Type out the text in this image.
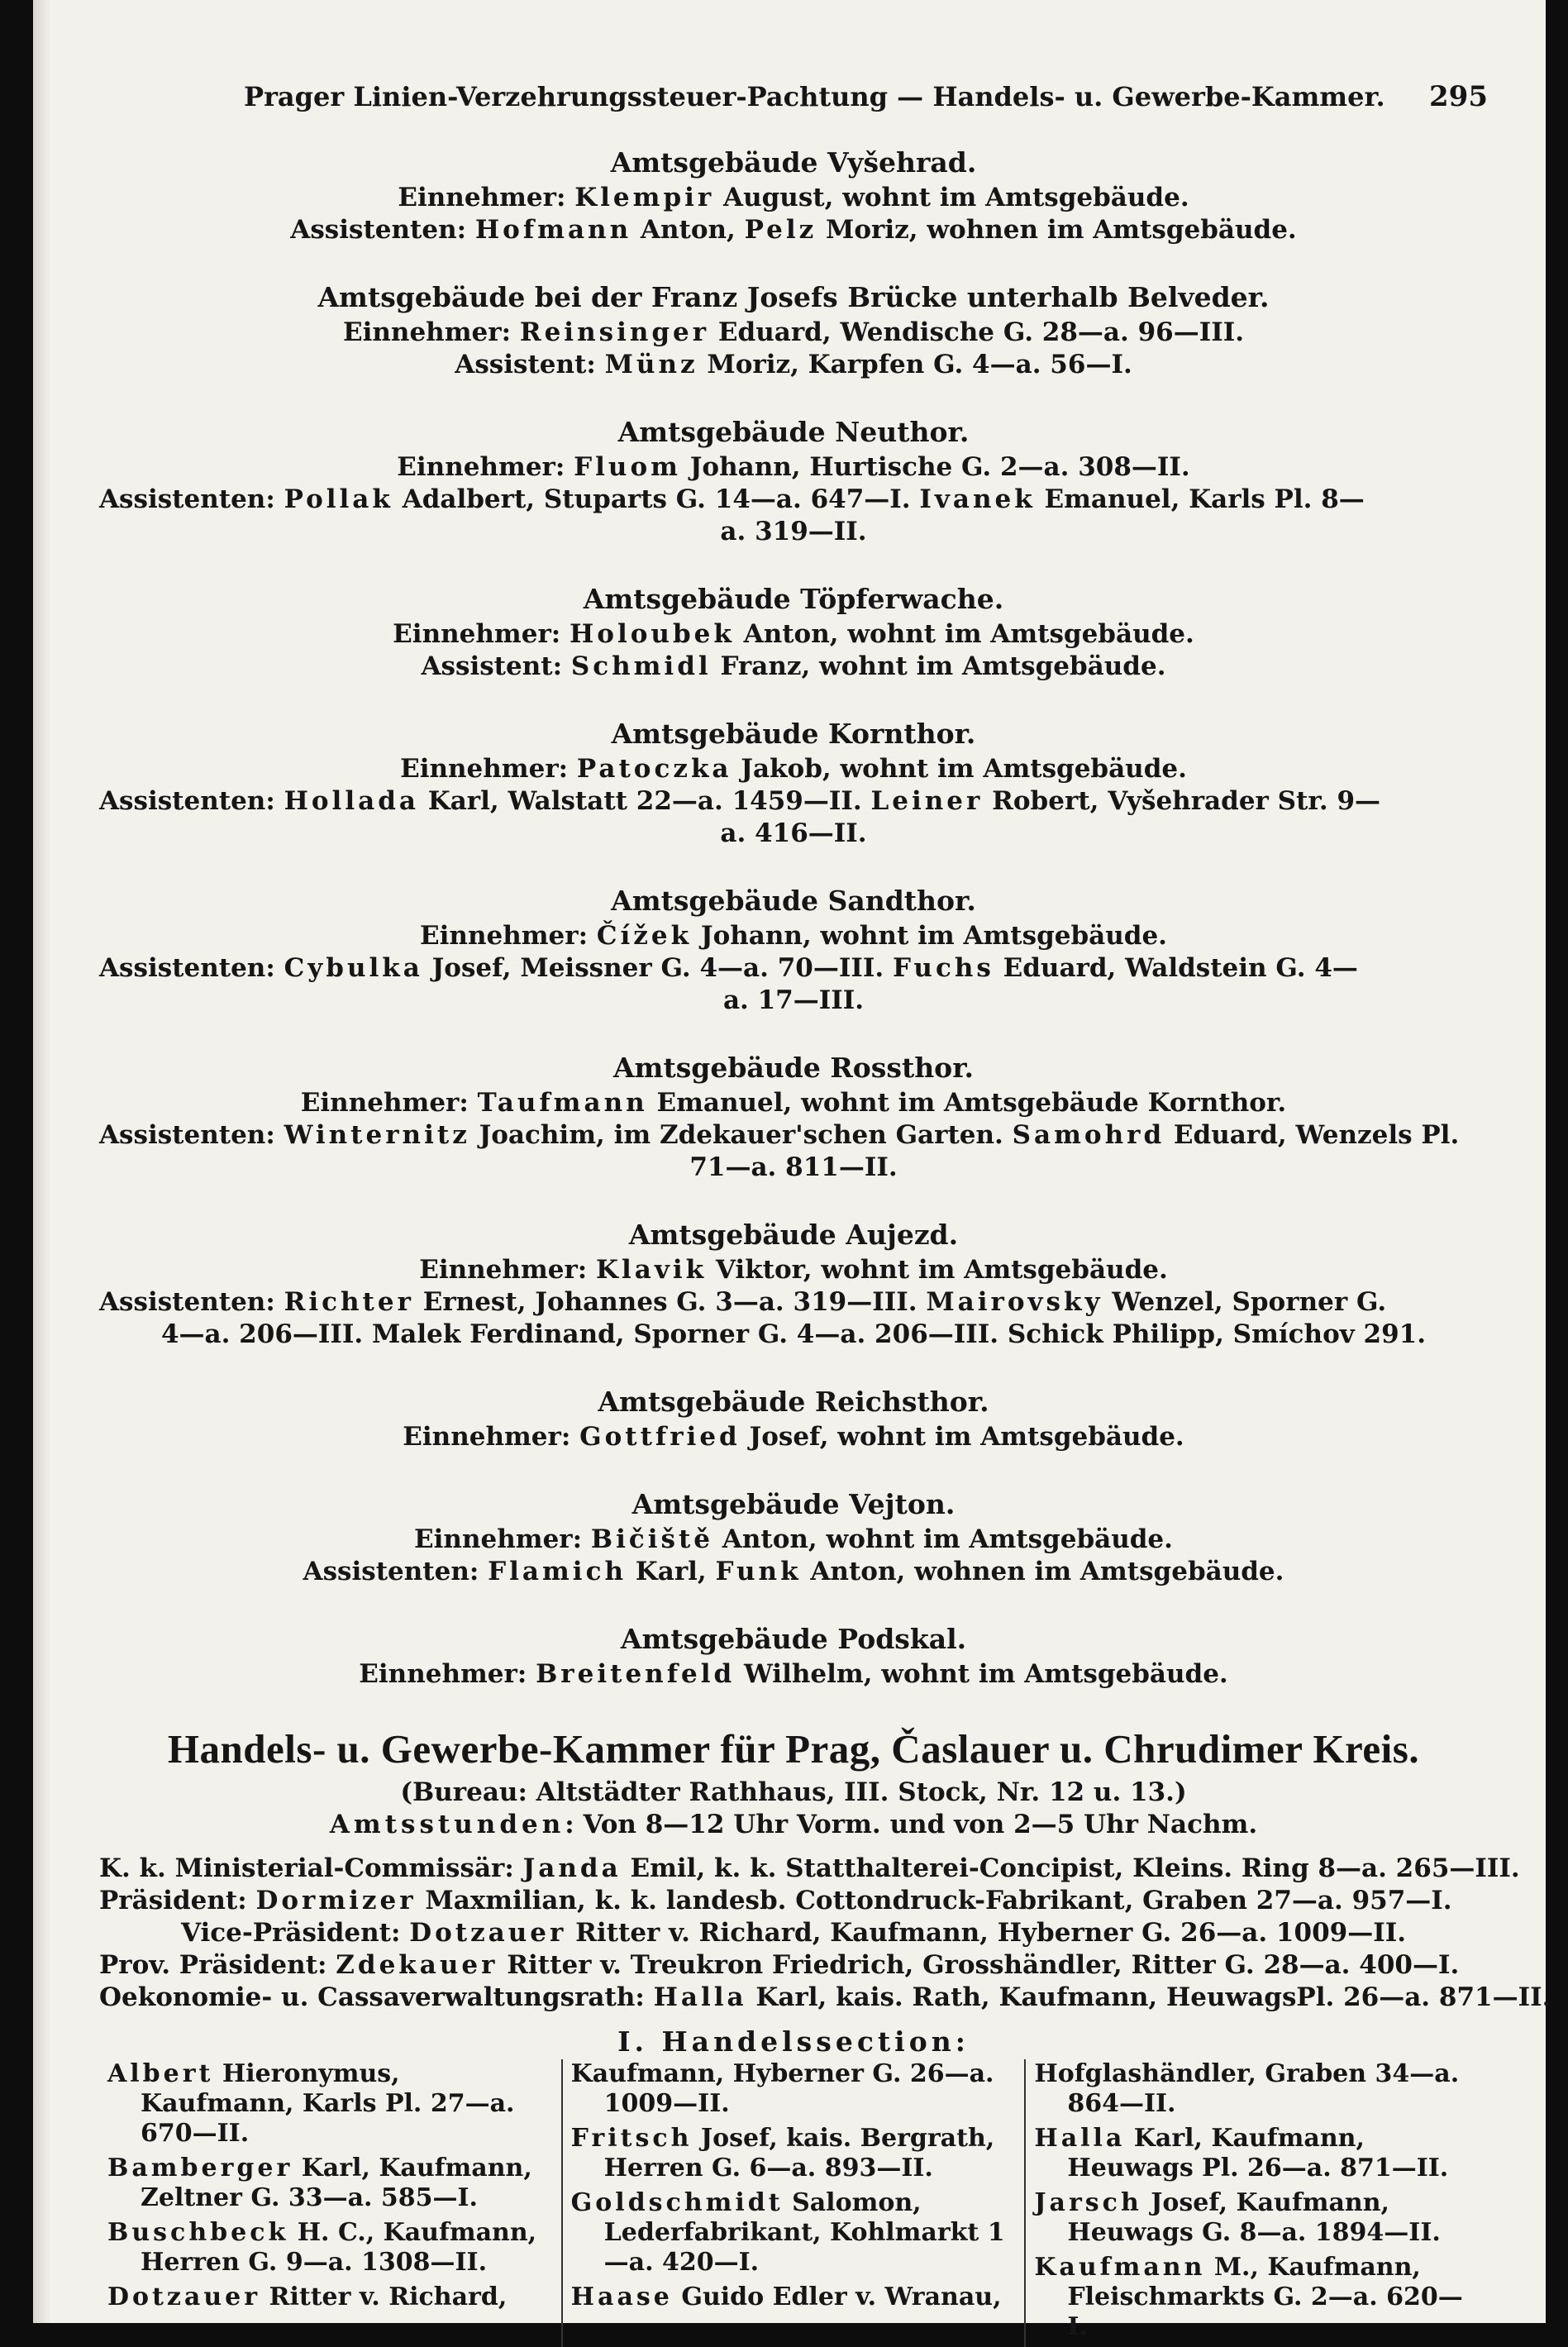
Prager Linien-Verzehrungssteuer-Pachtung — Handels- u. Gewerbe-Kammer. 295
Amtsgebäude Vyšehrad.
Einnehmer: Klempir August, wohnt im Amtsgebäude.
Assistenten: Hofmann Anton, Pelz Moriz, wohnen im Amtsgebäude.
Amtsgebäude bei der Franz Josefs Brücke unterhalb Belveder.
Einnehmer: Reinsinger Eduard, Wendische G. 28—a. 96—III.
Assistent: Münz Moriz, Karpfen G. 4—a. 56—I.
Amtsgebäude Neuthor.
Einnehmer: Fluom Johann, Hurtische G. 2—a. 308—II.
Assistenten: Pollak Adalbert, Stuparts G. 14—a. 647—I. Ivanek Emanuel, Karls Pl. 8—
a. 319—II.
Amtsgebäude Töpferwache.
Einnehmer: Holoubek Anton, wohnt im Amtsgebäude.
Assistent: Schmidl Franz, wohnt im Amtsgebäude.
Amtsgebäude Kornthor.
Einnehmer: Patoczka Jakob, wohnt im Amtsgebäude.
Assistenten: Hollada Karl, Walstatt 22—a. 1459—II. Leiner Robert, Vyšehrader Str. 9—
a. 416—II.
Amtsgebäude Sandthor.
Einnehmer: Čížek Johann, wohnt im Amtsgebäude.
Assistenten: Cybulka Josef, Meissner G. 4—a. 70—III. Fuchs Eduard, Waldstein G. 4—
a. 17—III.
Amtsgebäude Rossthor.
Einnehmer: Taufmann Emanuel, wohnt im Amtsgebäude Kornthor.
Assistenten: Winternitz Joachim, im Zdekauer'schen Garten. Samohrd Eduard, Wenzels Pl.
71—a. 811—II.
Amtsgebäude Aujezd.
Einnehmer: Klavik Viktor, wohnt im Amtsgebäude.
Assistenten: Richter Ernest, Johannes G. 3—a. 319—III. Mairovsky Wenzel, Sporner G.
4—a. 206—III. Malek Ferdinand, Sporner G. 4—a. 206—III. Schick Philipp, Smíchov 291.
Amtsgebäude Reichsthor.
Einnehmer: Gottfried Josef, wohnt im Amtsgebäude.
Amtsgebäude Vejton.
Einnehmer: Bičiště Anton, wohnt im Amtsgebäude.
Assistenten: Flamich Karl, Funk Anton, wohnen im Amtsgebäude.
Amtsgebäude Podskal.
Einnehmer: Breitenfeld Wilhelm, wohnt im Amtsgebäude.
Handels- u. Gewerbe-Kammer für Prag, Časlauer u. Chrudimer Kreis.
(Bureau: Altstädter Rathhaus, III. Stock, Nr. 12 u. 13.)
Amtsstunden: Von 8—12 Uhr Vorm. und von 2—5 Uhr Nachm.
K. k. Ministerial-Commissär: Janda Emil, k. k. Statthalterei-Concipist, Kleins. Ring 8—a. 265—III.
Präsident: Dormizer Maxmilian, k. k. landesb. Cottondruck-Fabrikant, Graben 27—a. 957—I.
Vice-Präsident: Dotzauer Ritter v. Richard, Kaufmann, Hyberner G. 26—a. 1009—II.
Prov. Präsident: Zdekauer Ritter v. Treukron Friedrich, Grosshändler, Ritter G. 28—a. 400—I.
Oekonomie- u. Cassaverwaltungsrath: Halla Karl, kais. Rath, Kaufmann, HeuwagsPl. 26—a. 871—II.
I. Handelssection:
Albert Hieronymus, Kaufmann, Karls Pl. 27—a. 670—II.
Bamberger Karl, Kaufmann, Zeltner G. 33—a. 585—I.
Buschbeck H. C., Kaufmann, Herren G. 9—a. 1308—II.
Dotzauer Ritter v. Richard,
Kaufmann, Hyberner G. 26—a. 1009—II.
Fritsch Josef, kais. Bergrath, Herren G. 6—a. 893—II.
Goldschmidt Salomon, Lederfabrikant, Kohlmarkt 1—a. 420—I.
Haase Guido Edler v. Wranau,
Hofglashändler, Graben 34—a. 864—II.
Halla Karl, Kaufmann, Heuwags Pl. 26—a. 871—II.
Jarsch Josef, Kaufmann, Heuwags G. 8—a. 1894—II.
Kaufmann M., Kaufmann, Fleischmarkts G. 2—a. 620—I.
